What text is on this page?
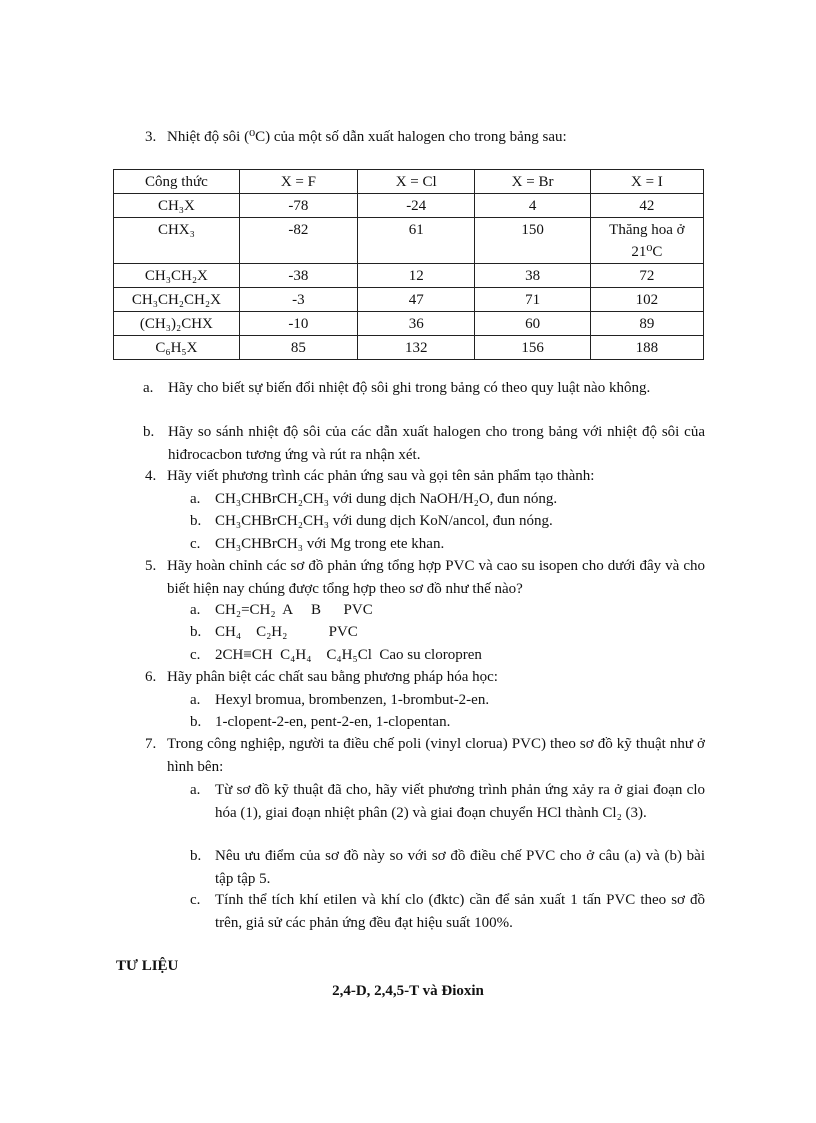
3. Nhiệt độ sôi (⁰C) của một số dẫn xuất halogen cho trong bảng sau:
Công thức	X = F	X = Cl	X = Br	X = I
CH₃X	-78	-24	4	42
CHX₃	-82	61	150	Thăng hoa ở 21⁰C
CH₃CH₂X	-38	12	38	72
CH₃CH₂CH₂X	-3	47	71	102
(CH₃)₂CHX	-10	36	60	89
C₆H₅X	85	132	156	188
a. Hãy cho biết sự biến đổi nhiệt độ sôi ghi trong bảng có theo quy luật nào không.
b. Hãy so sánh nhiệt độ sôi của các dẫn xuất halogen cho trong bảng với nhiệt độ sôi của hiđrocacbon tương ứng và rút ra nhận xét.
4. Hãy viết phương trình các phản ứng sau và gọi tên sản phẩm tạo thành:
a. CH₃CHBrCH₂CH₃ với dung dịch NaOH/H₂O, đun nóng.
b. CH₃CHBrCH₂CH₃ với dung dịch KoN/ancol, đun nóng.
c. CH₃CHBrCH₃ với Mg trong ete khan.
5. Hãy hoàn chỉnh các sơ đồ phản ứng tổng hợp PVC và cao su isopen cho dưới đây và cho biết hiện nay chúng được tổng hợp theo sơ đồ như thế nào?
a. CH₂=CH₂  A     B      PVC
b. CH₄    C₂H₂           PVC
c. 2CH≡CH  C₄H₄    C₄H₅Cl  Cao su cloropren
6. Hãy phân biệt các chất sau bằng phương pháp hóa học:
a. Hexyl bromua, brombenzen, 1-brombut-2-en.
b. 1-clopent-2-en, pent-2-en, 1-clopentan.
7. Trong công nghiệp, người ta điều chế poli (vinyl clorua) PVC) theo sơ đồ kỹ thuật như ở hình bên:
a. Từ sơ đồ kỹ thuật đã cho, hãy viết phương trình phản ứng xảy ra ở giai đoạn clo hóa (1), giai đoạn nhiệt phân (2) và giai đoạn chuyển HCl thành Cl₂ (3).
b. Nêu ưu điểm của sơ đồ này so với sơ đồ điều chế PVC cho ở câu (a) và (b) bài tập tập 5.
c. Tính thể tích khí etilen và khí clo (đktc) cần để sản xuất 1 tấn PVC theo sơ đồ trên, giả sử các phản ứng đều đạt hiệu suất 100%.
TƯ LIỆU
2,4-D, 2,4,5-T và Đioxin
